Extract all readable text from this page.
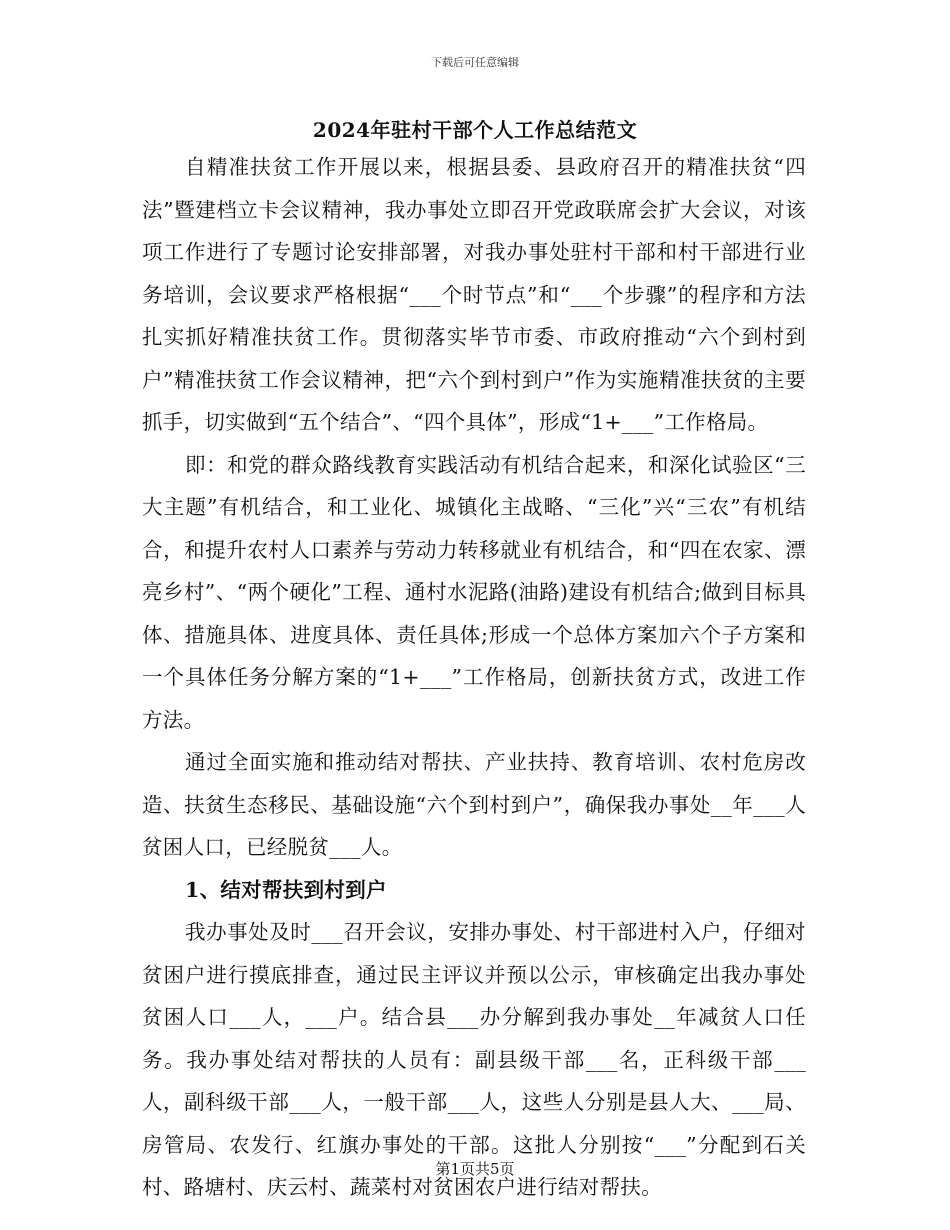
下载后可任意编辑
2024年驻村干部个人工作总结范文

自精准扶贫工作开展以来，根据县委、县政府召开的精准扶贫“四法”暨建档立卡会议精神，我办事处立即召开党政联席会扩大会议，对该项工作进行了专题讨论安排部署，对我办事处驻村干部和村干部进行业务培训，会议要求严格根据“___个时节点”和“___个步骤”的程序和方法扎实抓好精准扶贫工作。贯彻落实毕节市委、市政府推动“六个到村到户”精准扶贫工作会议精神，把“六个到村到户”作为实施精准扶贫的主要抓手，切实做到“五个结合”、“四个具体”，形成“1+___”工作格局。

即：和党的群众路线教育实践活动有机结合起来，和深化试验区“三大主题”有机结合，和工业化、城镇化主战略、“三化”兴“三农”有机结合，和提升农村人口素养与劳动力转移就业有机结合，和“四在农家、漂亮乡村”、“两个硬化”工程、通村水泥路(油路)建设有机结合;做到目标具体、措施具体、进度具体、责任具体;形成一个总体方案加六个子方案和一个具体任务分解方案的“1+___”工作格局，创新扶贫方式，改进工作方法。

通过全面实施和推动结对帮扶、产业扶持、教育培训、农村危房改造、扶贫生态移民、基础设施“六个到村到户”，确保我办事处__年___人贫困人口，已经脱贫___人。

1、结对帮扶到村到户

我办事处及时___召开会议，安排办事处、村干部进村入户，仔细对贫困户进行摸底排查，通过民主评议并预以公示，审核确定出我办事处贫困人口___人，___户。结合县___办分解到我办事处__年减贫人口任务。我办事处结对帮扶的人员有：副县级干部___名，正科级干部___人，副科级干部___人，一般干部___人，这些人分别是县人大、___局、房管局、农发行、红旗办事处的干部。这批人分别按“___”分配到石关村、路塘村、庆云村、蔬菜村对贫困农户进行结对帮扶。

第1页共5页
